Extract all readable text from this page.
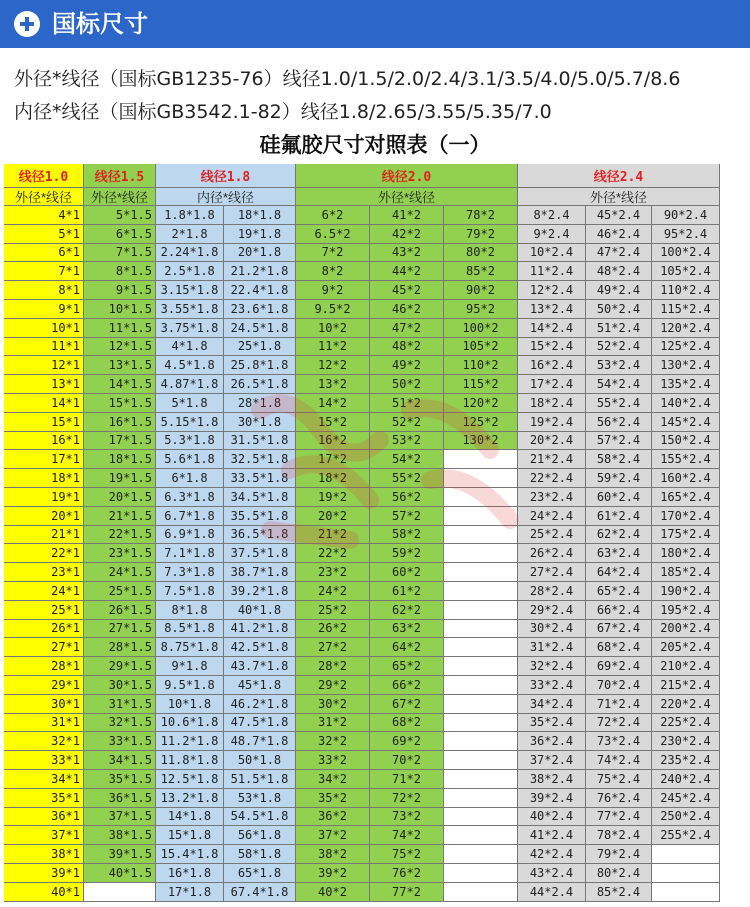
国标尺寸
外径*线径（国标GB1235-76）线径1.0/1.5/2.0/2.4/3.1/3.5/4.0/5.0/5.7/8.6
内径*线径（国标GB3542.1-82）线径1.8/2.65/3.55/5.35/7.0
硅氟胶尺寸对照表（一）
线径1.0
外径*线径
线径1.5
外径*线径
线径1.8
内径*线径
线径2.0
外径*线径
线径2.4
外径*线径
4*1
5*1
6*1
7*1
8*1
9*1
10*1
11*1
12*1
13*1
14*1
15*1
16*1
17*1
18*1
19*1
20*1
21*1
22*1
23*1
24*1
25*1
26*1
27*1
28*1
29*1
30*1
31*1
32*1
33*1
34*1
35*1
36*1
37*1
38*1
39*1
40*1
5*1.5
6*1.5
7*1.5
8*1.5
9*1.5
10*1.5
11*1.5
12*1.5
13*1.5
14*1.5
15*1.5
16*1.5
17*1.5
18*1.5
19*1.5
20*1.5
21*1.5
22*1.5
23*1.5
24*1.5
25*1.5
26*1.5
27*1.5
28*1.5
29*1.5
30*1.5
31*1.5
32*1.5
33*1.5
34*1.5
35*1.5
36*1.5
37*1.5
38*1.5
39*1.5
40*1.5
1.8*1.8
2*1.8
2.24*1.8
2.5*1.8
3.15*1.8
3.55*1.8
3.75*1.8
4*1.8
4.5*1.8
4.87*1.8
5*1.8
5.15*1.8
5.3*1.8
5.6*1.8
6*1.8
6.3*1.8
6.7*1.8
6.9*1.8
7.1*1.8
7.3*1.8
7.5*1.8
8*1.8
8.5*1.8
8.75*1.8
9*1.8
9.5*1.8
10*1.8
10.6*1.8
11.2*1.8
11.8*1.8
12.5*1.8
13.2*1.8
14*1.8
15*1.8
15.4*1.8
16*1.8
17*1.8
18*1.8
19*1.8
20*1.8
21.2*1.8
22.4*1.8
23.6*1.8
24.5*1.8
25*1.8
25.8*1.8
26.5*1.8
28*1.8
30*1.8
31.5*1.8
32.5*1.8
33.5*1.8
34.5*1.8
35.5*1.8
36.5*1.8
37.5*1.8
38.7*1.8
39.2*1.8
40*1.8
41.2*1.8
42.5*1.8
43.7*1.8
45*1.8
46.2*1.8
47.5*1.8
48.7*1.8
50*1.8
51.5*1.8
53*1.8
54.5*1.8
56*1.8
58*1.8
65*1.8
67.4*1.8
6*2
6.5*2
7*2
8*2
9*2
9.5*2
10*2
11*2
12*2
13*2
14*2
15*2
16*2
17*2
18*2
19*2
20*2
21*2
22*2
23*2
24*2
25*2
26*2
27*2
28*2
29*2
30*2
31*2
32*2
33*2
34*2
35*2
36*2
37*2
38*2
39*2
40*2
41*2
42*2
43*2
44*2
45*2
46*2
47*2
48*2
49*2
50*2
51*2
52*2
53*2
54*2
55*2
56*2
57*2
58*2
59*2
60*2
61*2
62*2
63*2
64*2
65*2
66*2
67*2
68*2
69*2
70*2
71*2
72*2
73*2
74*2
75*2
76*2
77*2
78*2
79*2
80*2
85*2
90*2
95*2
100*2
105*2
110*2
115*2
120*2
125*2
130*2
8*2.4
9*2.4
10*2.4
11*2.4
12*2.4
13*2.4
14*2.4
15*2.4
16*2.4
17*2.4
18*2.4
19*2.4
20*2.4
21*2.4
22*2.4
23*2.4
24*2.4
25*2.4
26*2.4
27*2.4
28*2.4
29*2.4
30*2.4
31*2.4
32*2.4
33*2.4
34*2.4
35*2.4
36*2.4
37*2.4
38*2.4
39*2.4
40*2.4
41*2.4
42*2.4
43*2.4
44*2.4
45*2.4
46*2.4
47*2.4
48*2.4
49*2.4
50*2.4
51*2.4
52*2.4
53*2.4
54*2.4
55*2.4
56*2.4
57*2.4
58*2.4
59*2.4
60*2.4
61*2.4
62*2.4
63*2.4
64*2.4
65*2.4
66*2.4
67*2.4
68*2.4
69*2.4
70*2.4
71*2.4
72*2.4
73*2.4
74*2.4
75*2.4
76*2.4
77*2.4
78*2.4
79*2.4
80*2.4
85*2.4
90*2.4
95*2.4
100*2.4
105*2.4
110*2.4
115*2.4
120*2.4
125*2.4
130*2.4
135*2.4
140*2.4
145*2.4
150*2.4
155*2.4
160*2.4
165*2.4
170*2.4
175*2.4
180*2.4
185*2.4
190*2.4
195*2.4
200*2.4
205*2.4
210*2.4
215*2.4
220*2.4
225*2.4
230*2.4
235*2.4
240*2.4
245*2.4
250*2.4
255*2.4
